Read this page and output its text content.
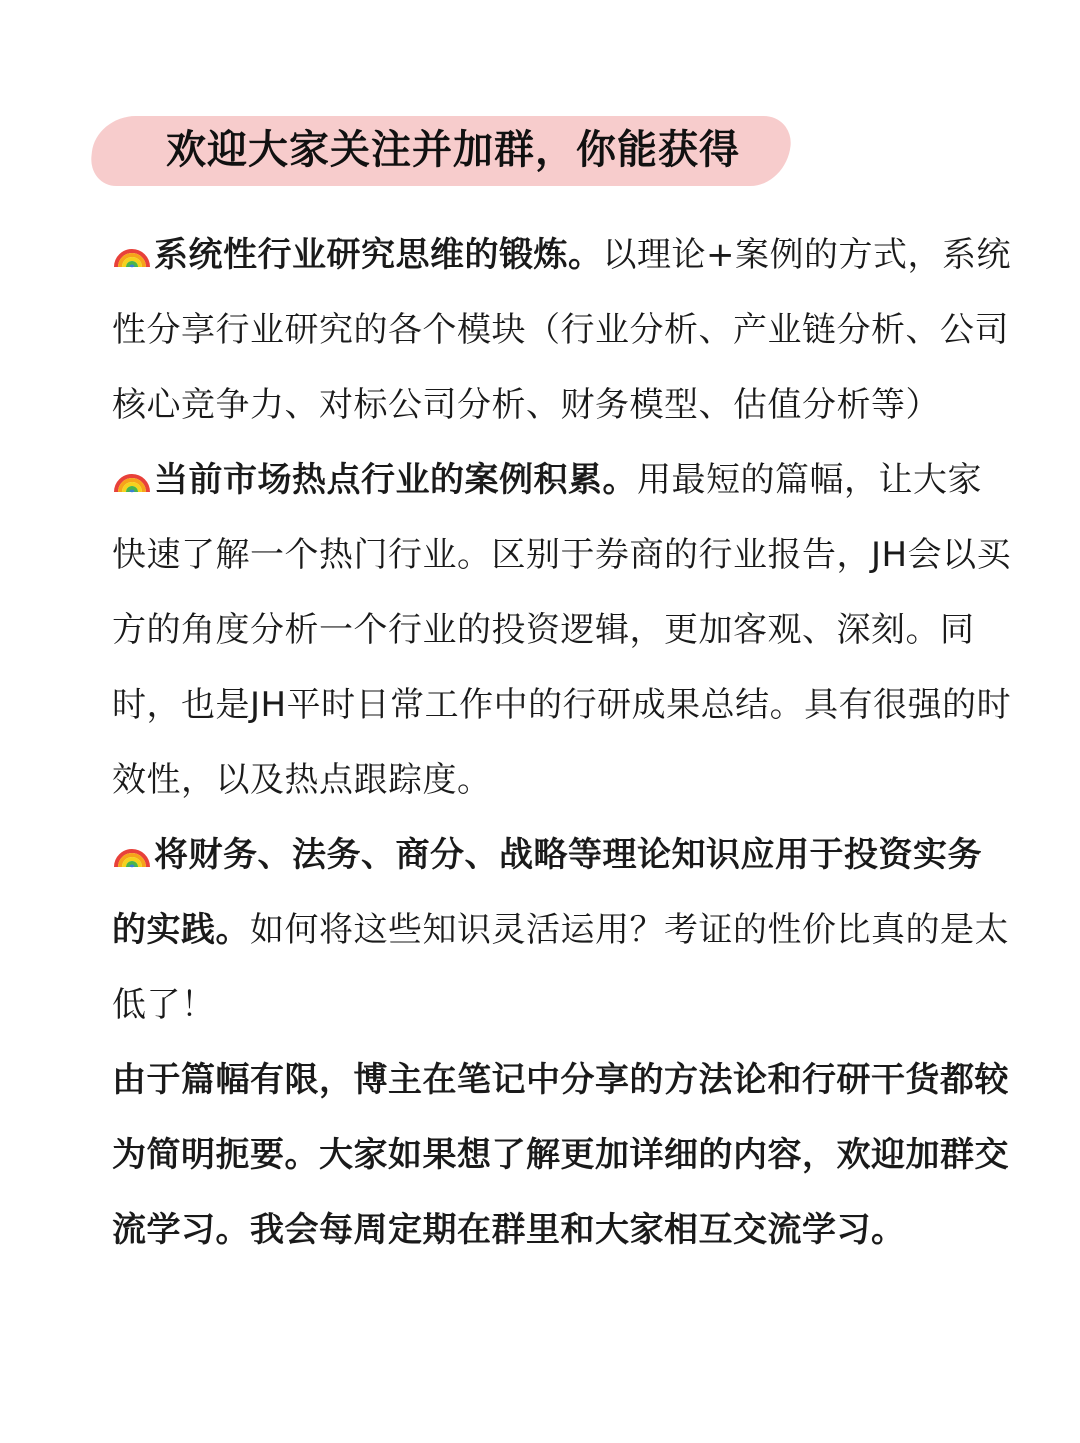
欢迎大家关注并加群，你能获得

系统性行业研究思维的锻炼。以理论+案例的方式，系统性分享行业研究的各个模块（行业分析、产业链分析、公司核心竞争力、对标公司分析、财务模型、估值分析等）

当前市场热点行业的案例积累。用最短的篇幅，让大家快速了解一个热门行业。区别于券商的行业报告，JH会以买方的角度分析一个行业的投资逻辑，更加客观、深刻。同时，也是JH平时日常工作中的行研成果总结。具有很强的时效性，以及热点跟踪度。

将财务、法务、商分、战略等理论知识应用于投资实务的实践。如何将这些知识灵活运用？考证的性价比真的是太低了！

由于篇幅有限，博主在笔记中分享的方法论和行研干货都较为简明扼要。大家如果想了解更加详细的内容，欢迎加群交流学习。我会每周定期在群里和大家相互交流学习。
